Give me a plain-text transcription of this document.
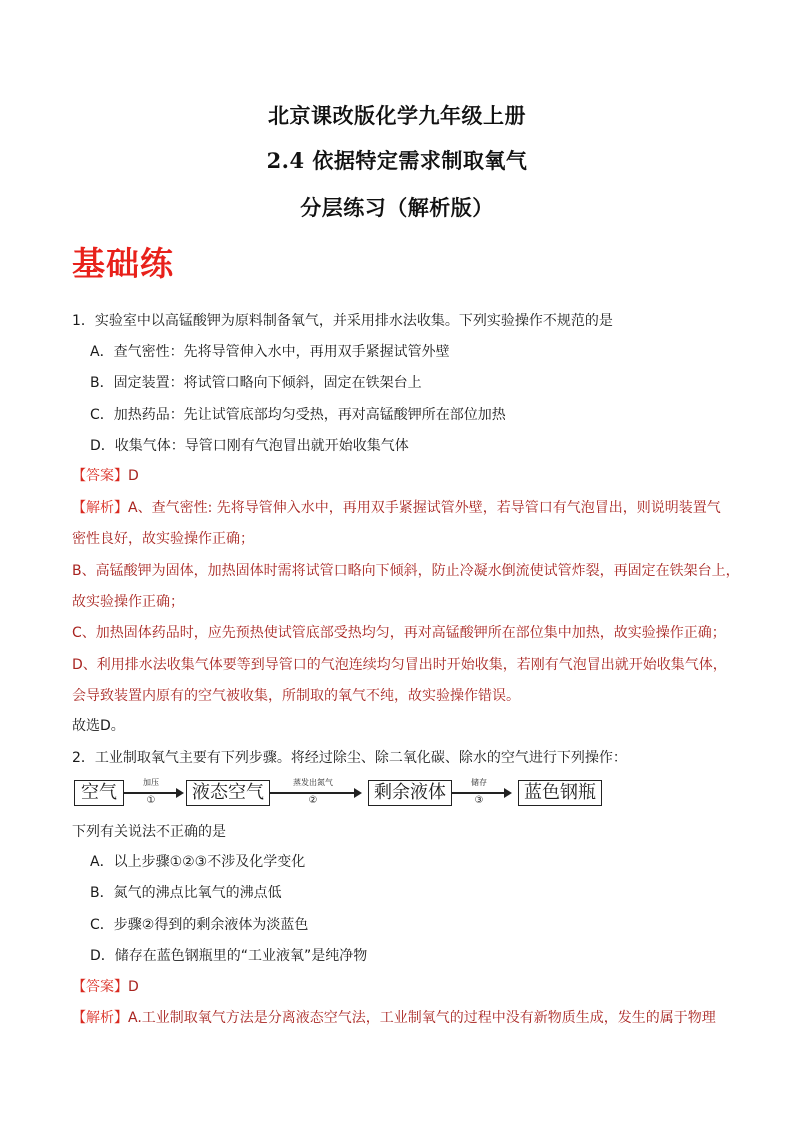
北京课改版化学九年级上册
2.4 依据特定需求制取氧气
分层练习（解析版）
基础练
1．实验室中以高锰酸钾为原料制备氧气，并采用排水法收集。下列实验操作不规范的是
A．查气密性：先将导管伸入水中，再用双手紧握试管外壁
B．固定装置：将试管口略向下倾斜，固定在铁架台上
C．加热药品：先让试管底部均匀受热，再对高锰酸钾所在部位加热
D．收集气体：导管口刚有气泡冒出就开始收集气体
【答案】D
【解析】A、查气密性: 先将导管伸入水中，再用双手紧握试管外壁，若导管口有气泡冒出，则说明装置气
密性良好，故实验操作正确；
B、高锰酸钾为固体，加热固体时需将试管口略向下倾斜，防止冷凝水倒流使试管炸裂，再固定在铁架台上，
故实验操作正确；
C、加热固体药品时，应先预热使试管底部受热均匀，再对高锰酸钾所在部位集中加热，故实验操作正确；
D、利用排水法收集气体要等到导管口的气泡连续均匀冒出时开始收集，若刚有气泡冒出就开始收集气体，
会导致装置内原有的空气被收集，所制取的氧气不纯，故实验操作错误。
故选D。
2．工业制取氧气主要有下列步骤。将经过除尘、除二氧化碳、除水的空气进行下列操作：
空气	加压
①	液态空气	蒸发出氮气
②	剩余液体	储存
③	蓝色钢瓶
下列有关说法不正确的是
A．以上步骤①②③不涉及化学变化
B．氮气的沸点比氧气的沸点低
C．步骤②得到的剩余液体为淡蓝色
D．储存在蓝色钢瓶里的“工业液氧”是纯净物
【答案】D
【解析】A.工业制取氧气方法是分离液态空气法，工业制氧气的过程中没有新物质生成，发生的属于物理
